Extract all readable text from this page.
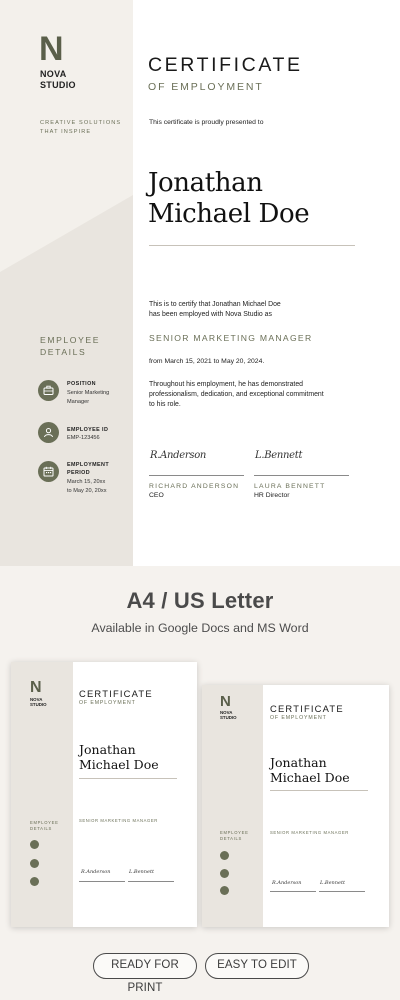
N
NOVA
STUDIO
CREATIVE SOLUTIONS
THAT INSPIRE
EMPLOYEE
DETAILS
POSITION
Senior Marketing
Manager
EMPLOYEE ID
EMP-123456
EMPLOYMENT
PERIOD
March 15, 20xx
to May 20, 20xx
CERTIFICATE
OF EMPLOYMENT
This certificate is proudly presented to
Jonathan
Michael Doe
This is to certify that Jonathan Michael Doe
has been employed with Nova Studio as
SENIOR MARKETING MANAGER
from March 15, 2021 to May 20, 2024.
Throughout his employment, he has demonstrated
professionalism, dedication, and exceptional commitment
to his role.
R.Anderson
RICHARD ANDERSON
CEO
L.Bennett
LAURA BENNETT
HR Director
A4 / US Letter
Available in Google Docs and MS Word
N
NOVA
STUDIO
CERTIFICATE
OF EMPLOYMENT
Jonathan
Michael Doe
SENIOR MARKETING MANAGER
EMPLOYEE
DETAILS
R.Anderson	L.Bennett
N
NOVA
STUDIO
CERTIFICATE
OF EMPLOYMENT
Jonathan
Michael Doe
SENIOR MARKETING MANAGER
EMPLOYEE
DETAILS
R.Anderson	L.Bennett
READY FOR PRINT
EASY TO EDIT
